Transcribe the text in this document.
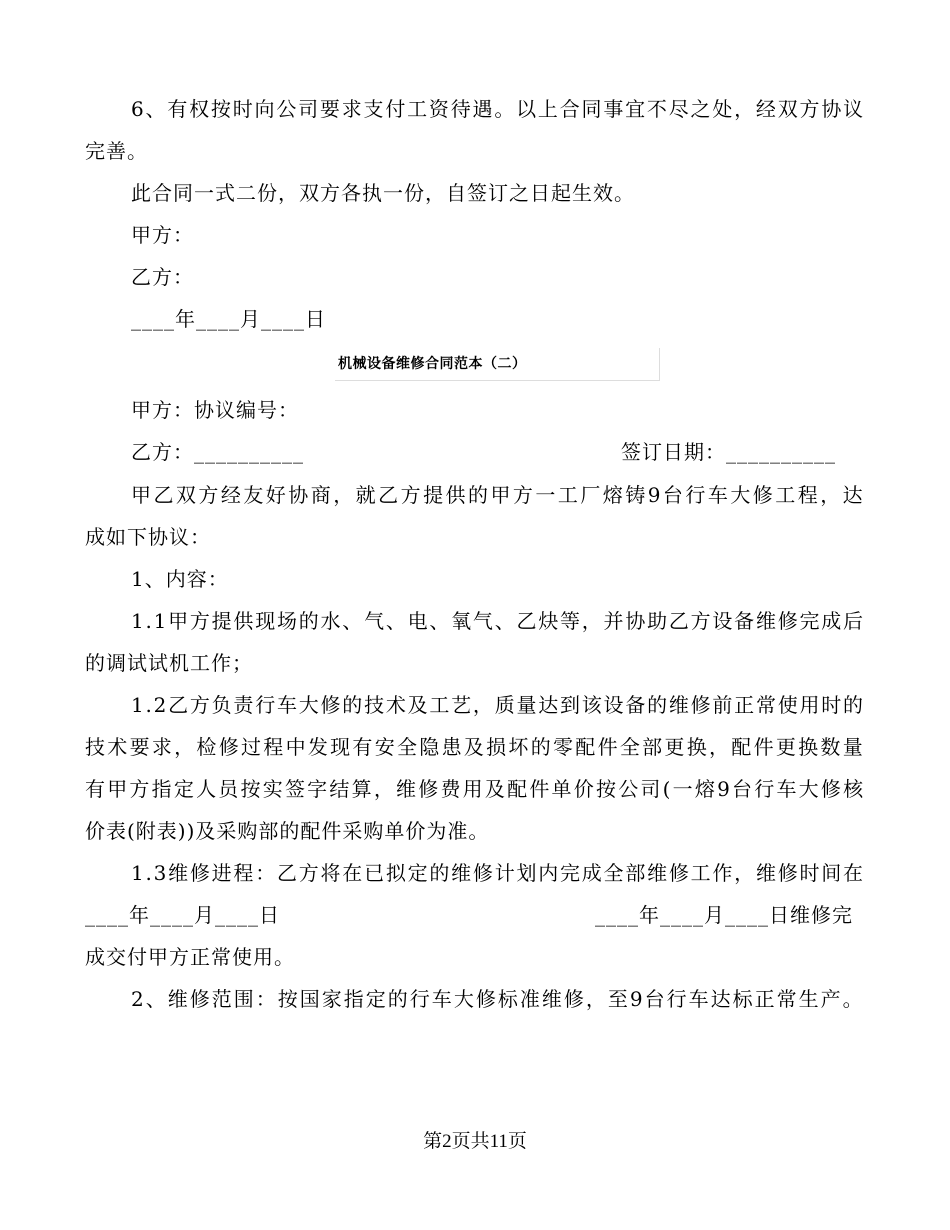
6、有权按时向公司要求支付工资待遇。以上合同事宜不尽之处，经双方协议
完善。
此合同一式二份，双方各执一份，自签订之日起生效。
甲方：
乙方：
____年____月____日
机械设备维修合同范本（二）
甲方：协议编号：
乙方：__________	签订日期：__________
甲乙双方经友好协商，就乙方提供的甲方一工厂熔铸9台行车大修工程，达
成如下协议：
1、内容：
1.1甲方提供现场的水、气、电、氧气、乙炔等，并协助乙方设备维修完成后
的调试试机工作；
1.2乙方负责行车大修的技术及工艺，质量达到该设备的维修前正常使用时的
技术要求，检修过程中发现有安全隐患及损坏的零配件全部更换，配件更换数量
有甲方指定人员按实签字结算，维修费用及配件单价按公司(一熔9台行车大修核
价表(附表))及采购部的配件采购单价为准。
1.3维修进程：乙方将在已拟定的维修计划内完成全部维修工作，维修时间在
____年____月____日	____年____月____日维修完
成交付甲方正常使用。
2、维修范围：按国家指定的行车大修标准维修，至9台行车达标正常生产。
第2页共11页
